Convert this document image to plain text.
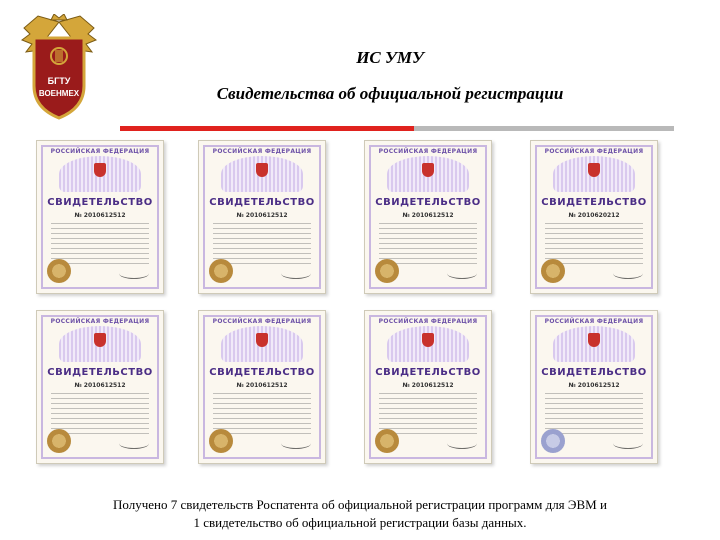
БГТУ
ВОЕНМЕХ
ИС УМУ
Свидетельства об официальной регистрации
РОССИЙСКАЯ ФЕДЕРАЦИЯ
СВИДЕТЕЛЬСТВО
№ 2010612512
РОССИЙСКАЯ ФЕДЕРАЦИЯ
СВИДЕТЕЛЬСТВО
№ 2010612512
РОССИЙСКАЯ ФЕДЕРАЦИЯ
СВИДЕТЕЛЬСТВО
№ 2010612512
РОССИЙСКАЯ ФЕДЕРАЦИЯ
СВИДЕТЕЛЬСТВО
№ 2010620212
РОССИЙСКАЯ ФЕДЕРАЦИЯ
СВИДЕТЕЛЬСТВО
№ 2010612512
РОССИЙСКАЯ ФЕДЕРАЦИЯ
СВИДЕТЕЛЬСТВО
№ 2010612512
РОССИЙСКАЯ ФЕДЕРАЦИЯ
СВИДЕТЕЛЬСТВО
№ 2010612512
РОССИЙСКАЯ ФЕДЕРАЦИЯ
СВИДЕТЕЛЬСТВО
№ 2010612512
Получено 7 свидетельств Роспатента об официальной регистрации программ для ЭВМ и
1 свидетельство об официальной регистрации базы данных.
